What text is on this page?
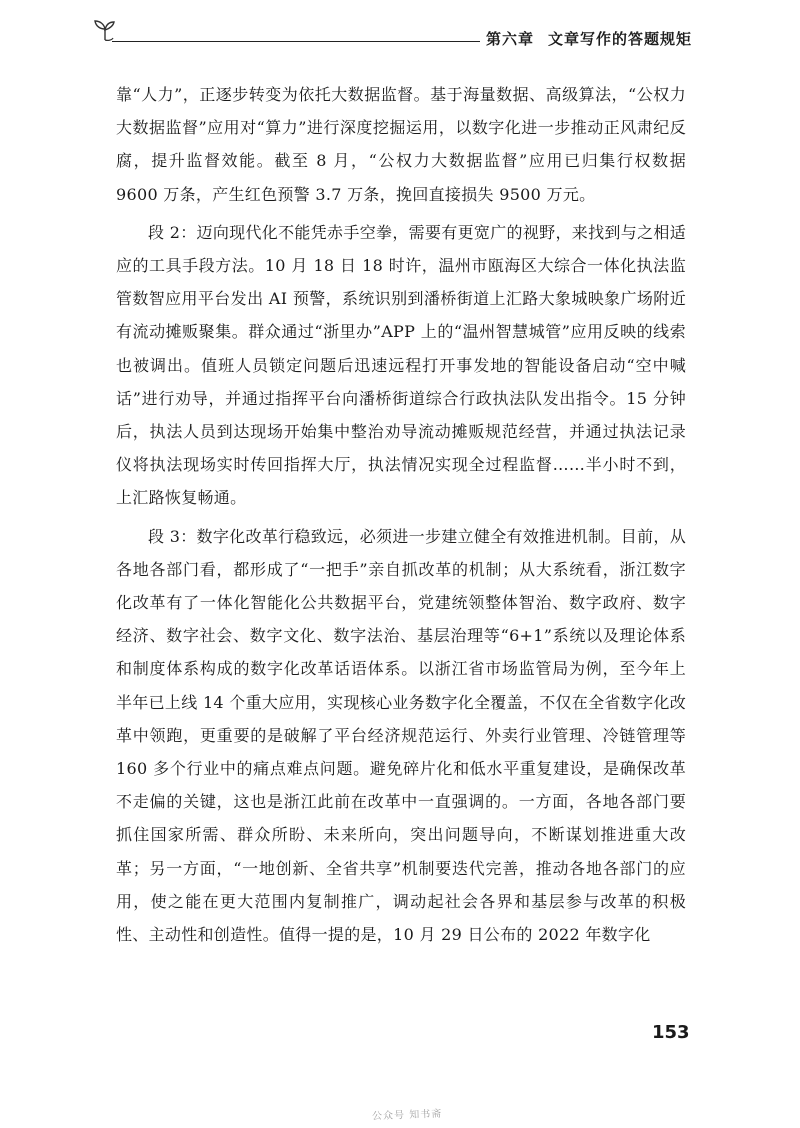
第六章 文章写作的答题规矩

靠“人力”，正逐步转变为依托大数据监督。基于海量数据、高级算法，“公权力大数据监督”应用对“算力”进行深度挖掘运用，以数字化进一步推动正风肃纪反腐，提升监督效能。截至 8 月，“公权力大数据监督”应用已归集行权数据 9600 万条，产生红色预警 3.7 万条，挽回直接损失 9500 万元。

段 2：迈向现代化不能凭赤手空拳，需要有更宽广的视野，来找到与之相适应的工具手段方法。10 月 18 日 18 时许，温州市瓯海区大综合一体化执法监管数智应用平台发出 AI 预警，系统识别到潘桥街道上汇路大象城映象广场附近有流动摊贩聚集。群众通过“浙里办”APP 上的“温州智慧城管”应用反映的线索也被调出。值班人员锁定问题后迅速远程打开事发地的智能设备启动“空中喊话”进行劝导，并通过指挥平台向潘桥街道综合行政执法队发出指令。15 分钟后，执法人员到达现场开始集中整治劝导流动摊贩规范经营，并通过执法记录仪将执法现场实时传回指挥大厅，执法情况实现全过程监督……半小时不到，上汇路恢复畅通。

段 3：数字化改革行稳致远，必须进一步建立健全有效推进机制。目前，从各地各部门看，都形成了“一把手”亲自抓改革的机制；从大系统看，浙江数字化改革有了一体化智能化公共数据平台，党建统领整体智治、数字政府、数字经济、数字社会、数字文化、数字法治、基层治理等“6+1”系统以及理论体系和制度体系构成的数字化改革话语体系。以浙江省市场监管局为例，至今年上半年已上线 14 个重大应用，实现核心业务数字化全覆盖，不仅在全省数字化改革中领跑，更重要的是破解了平台经济规范运行、外卖行业管理、冷链管理等 160 多个行业中的痛点难点问题。避免碎片化和低水平重复建设，是确保改革不走偏的关键，这也是浙江此前在改革中一直强调的。一方面，各地各部门要抓住国家所需、群众所盼、未来所向，突出问题导向，不断谋划推进重大改革；另一方面，“一地创新、全省共享”机制要迭代完善，推动各地各部门的应用，使之能在更大范围内复制推广，调动起社会各界和基层参与改革的积极性、主动性和创造性。值得一提的是，10 月 29 日公布的 2022 年数字化

153
公众号 知书斋
